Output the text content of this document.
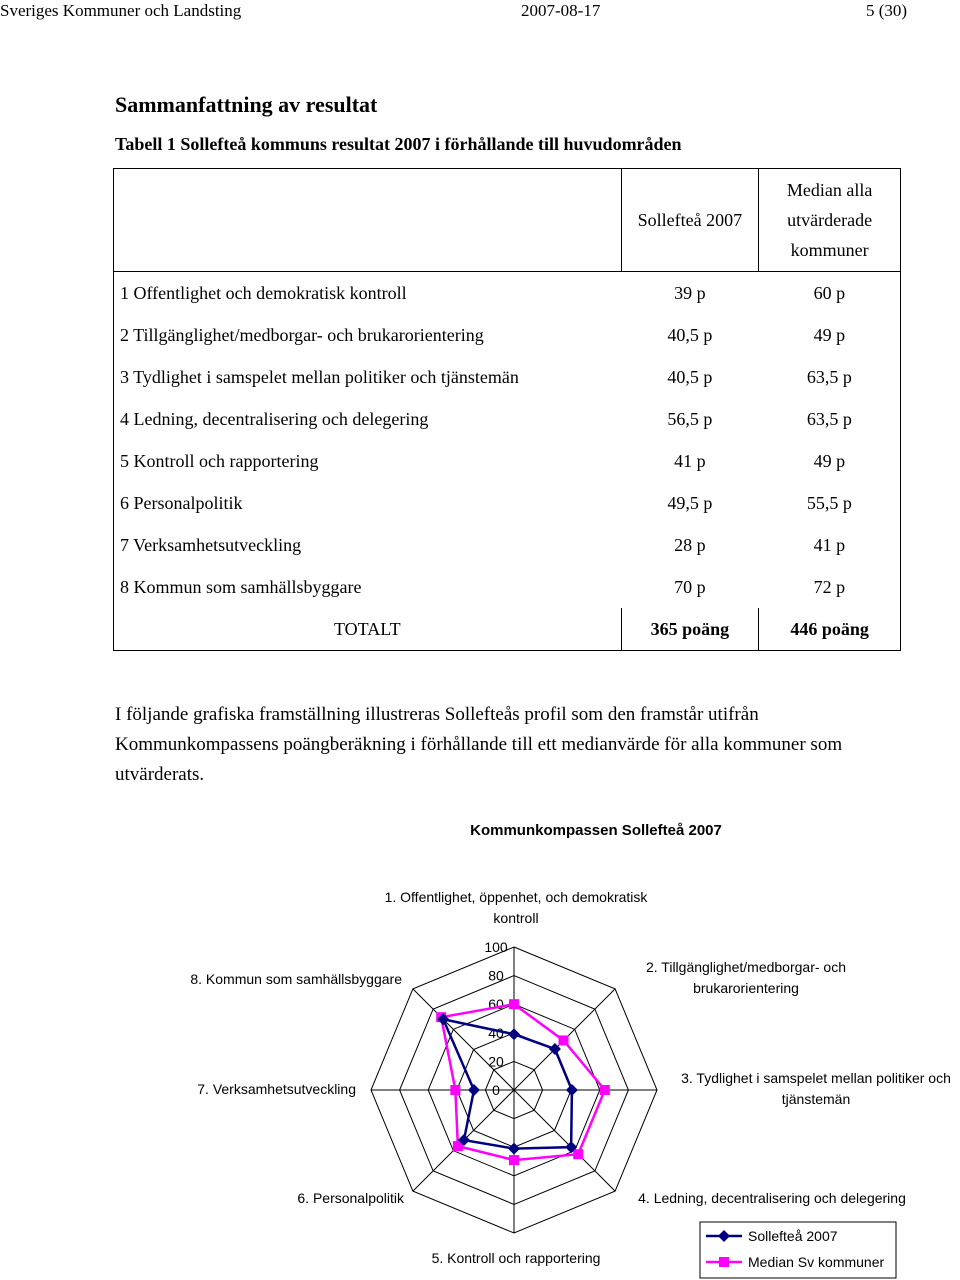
Sveriges Kommuner och Landsting	2007-08-17	5 (30)
Sammanfattning av resultat
Tabell 1 Sollefteå kommuns resultat 2007 i förhållande till huvudområden
	Sollefteå 2007	Median alla
utvärderade
kommuner

1 Offentlighet och demokratisk kontroll	39 p	60 p
2 Tillgänglighet/medborgar- och brukarorientering	40,5 p	49 p
3 Tydlighet i samspelet mellan politiker och tjänstemän	40,5 p	63,5 p
4 Ledning, decentralisering och delegering	56,5 p	63,5 p
5 Kontroll och rapportering	41 p	49 p
6 Personalpolitik	49,5 p	55,5 p
7 Verksamhetsutveckling	28 p	41 p
8 Kommun som samhällsbyggare	70 p	72 p
TOTALT	365 poäng	446 poäng
I följande grafiska framställning illustreras Sollefteås profil som den framstår utifrån Kommunkompassens poängberäkning i förhållande till ett medianvärde för alla kommuner som utvärderats.
Kommunkompassen Sollefteå 2007
0
20
40
60
80
100
1. Offentlighet, öppenhet, och demokratisk
kontroll
2. Tillgänglighet/medborgar- och
brukarorientering
3. Tydlighet i samspelet mellan politiker och
tjänstemän
4. Ledning, decentralisering och delegering
5. Kontroll och rapportering
6. Personalpolitik
7. Verksamhetsutveckling
8. Kommun som samhällsbyggare
Sollefteå 2007
Median Sv kommuner
